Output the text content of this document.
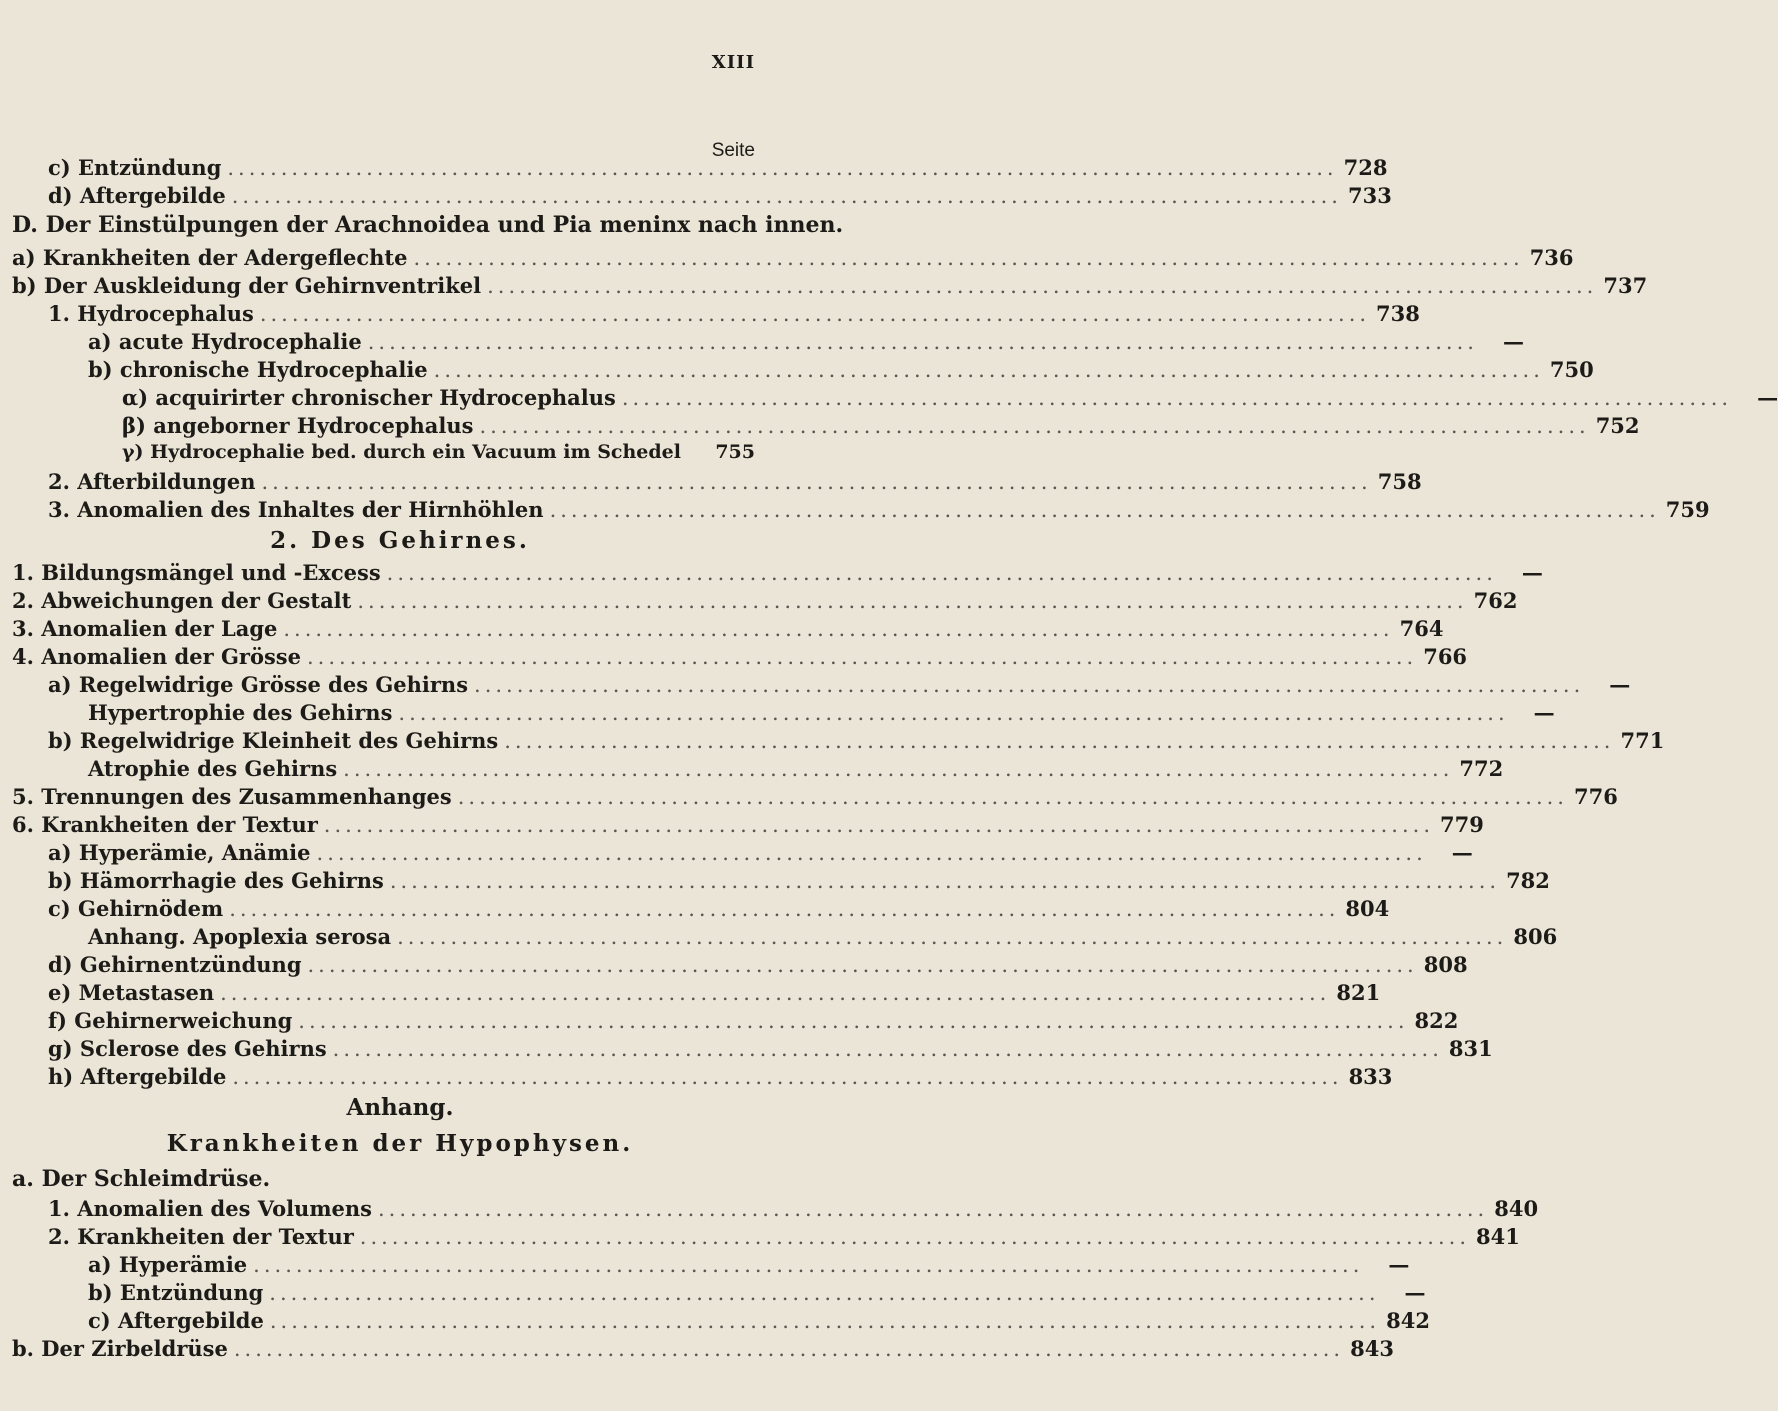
XIII
Seite
c) Entzündung ........................................................................................................ 728
d) Aftergebilde ........................................................................................................ 733
D. Der Einstülpungen der Arachnoidea und Pia meninx nach innen.
a) Krankheiten der Adergeflechte ........................................................................................................ 736
b) Der Auskleidung der Gehirnventrikel ........................................................................................................ 737
1. Hydrocephalus ........................................................................................................ 738
a) acute Hydrocephalie ........................................................................................................	—
b) chronische Hydrocephalie ........................................................................................................ 750
α) acquirirter chronischer Hydrocephalus ........................................................................................................	—
β) angeborner Hydrocephalus ........................................................................................................ 752
γ) Hydrocephalie bed. durch ein Vacuum im Schedel 755
2. Afterbildungen ........................................................................................................ 758
3. Anomalien des Inhaltes der Hirnhöhlen ........................................................................................................ 759
2. Des Gehirnes.
1. Bildungsmängel und -Excess ........................................................................................................	—
2. Abweichungen der Gestalt ........................................................................................................ 762
3. Anomalien der Lage ........................................................................................................ 764
4. Anomalien der Grösse ........................................................................................................ 766
a) Regelwidrige Grösse des Gehirns ........................................................................................................	—
Hypertrophie des Gehirns ........................................................................................................	—
b) Regelwidrige Kleinheit des Gehirns ........................................................................................................ 771
Atrophie des Gehirns ........................................................................................................ 772
5. Trennungen des Zusammenhanges ........................................................................................................ 776
6. Krankheiten der Textur ........................................................................................................ 779
a) Hyperämie, Anämie ........................................................................................................	—
b) Hämorrhagie des Gehirns ........................................................................................................ 782
c) Gehirnödem ........................................................................................................ 804
Anhang. Apoplexia serosa ........................................................................................................ 806
d) Gehirnentzündung ........................................................................................................ 808
e) Metastasen ........................................................................................................ 821
f) Gehirnerweichung ........................................................................................................ 822
g) Sclerose des Gehirns ........................................................................................................ 831
h) Aftergebilde ........................................................................................................ 833
Anhang.
Krankheiten der Hypophysen.
a. Der Schleimdrüse.
1. Anomalien des Volumens ........................................................................................................ 840
2. Krankheiten der Textur ........................................................................................................ 841
a) Hyperämie ........................................................................................................	—
b) Entzündung ........................................................................................................	—
c) Aftergebilde ........................................................................................................ 842
b. Der Zirbeldrüse ........................................................................................................ 843
